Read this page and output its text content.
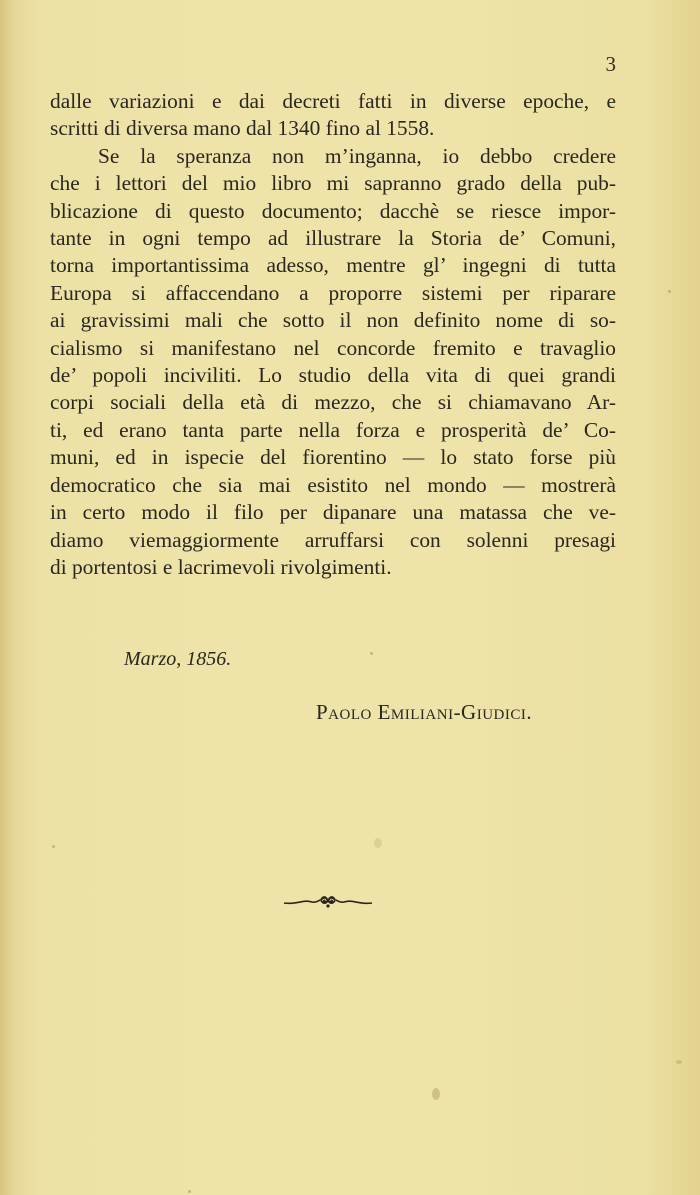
3
dalle variazioni e dai decreti fatti in diverse epoche, e
scritti di diversa mano dal 1340 fino al 1558.
Se la speranza non m’inganna, io debbo credere
che i lettori del mio libro mi sapranno grado della pub-
blicazione di questo documento; dacchè se riesce impor-
tante in ogni tempo ad illustrare la Storia de’ Comuni,
torna importantissima adesso, mentre gl’ ingegni di tutta
Europa si affaccendano a proporre sistemi per riparare
ai gravissimi mali che sotto il non definito nome di so-
cialismo si manifestano nel concorde fremito e travaglio
de’ popoli inciviliti. Lo studio della vita di quei grandi
corpi sociali della età di mezzo, che si chiamavano Ar-
ti, ed erano tanta parte nella forza e prosperità de’ Co-
muni, ed in ispecie del fiorentino — lo stato forse più
democratico che sia mai esistito nel mondo — mostrerà
in certo modo il filo per dipanare una matassa che ve-
diamo viemaggiormente arruffarsi con solenni presagi
di portentosi e lacrimevoli rivolgimenti.
Marzo, 1856.
Paolo Emiliani-Giudici.
